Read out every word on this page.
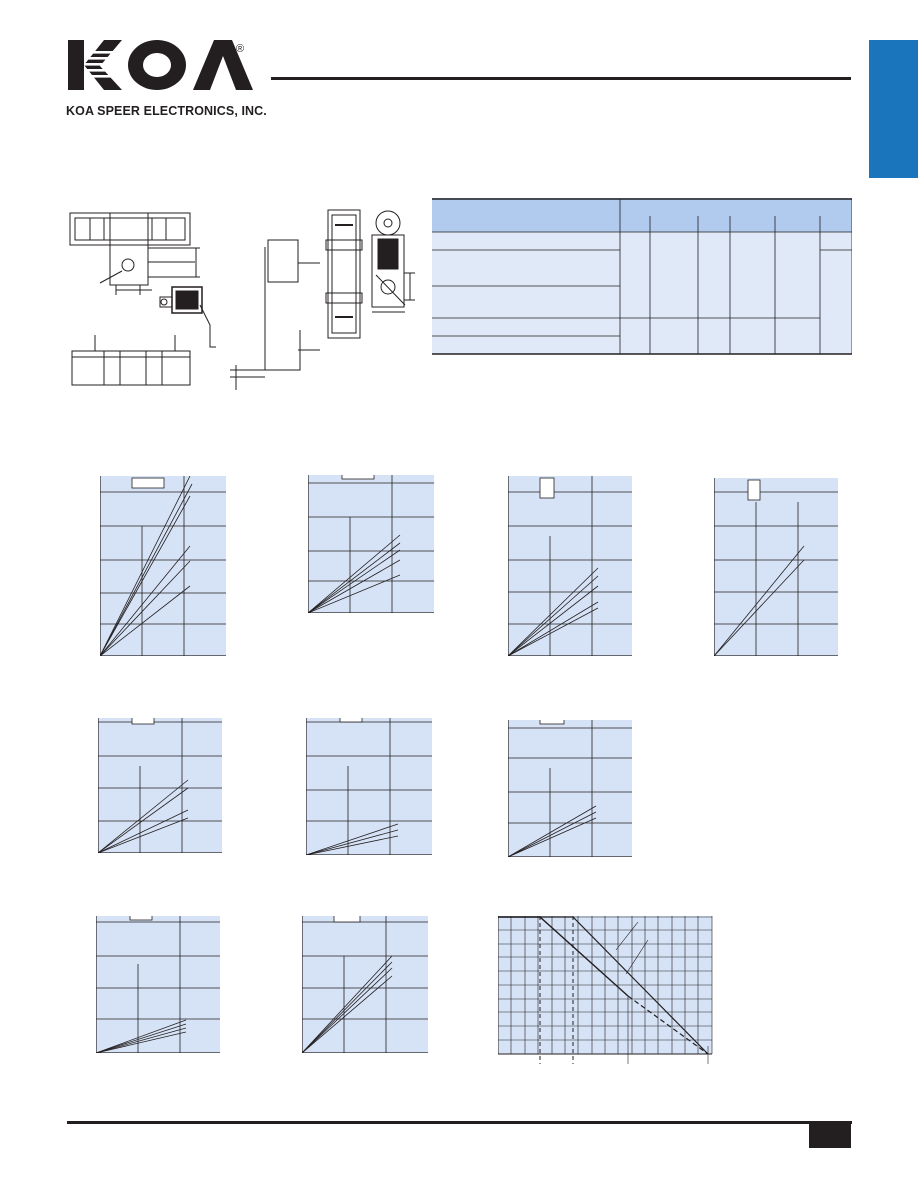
®
KOA SPEER ELECTRONICS, INC.
